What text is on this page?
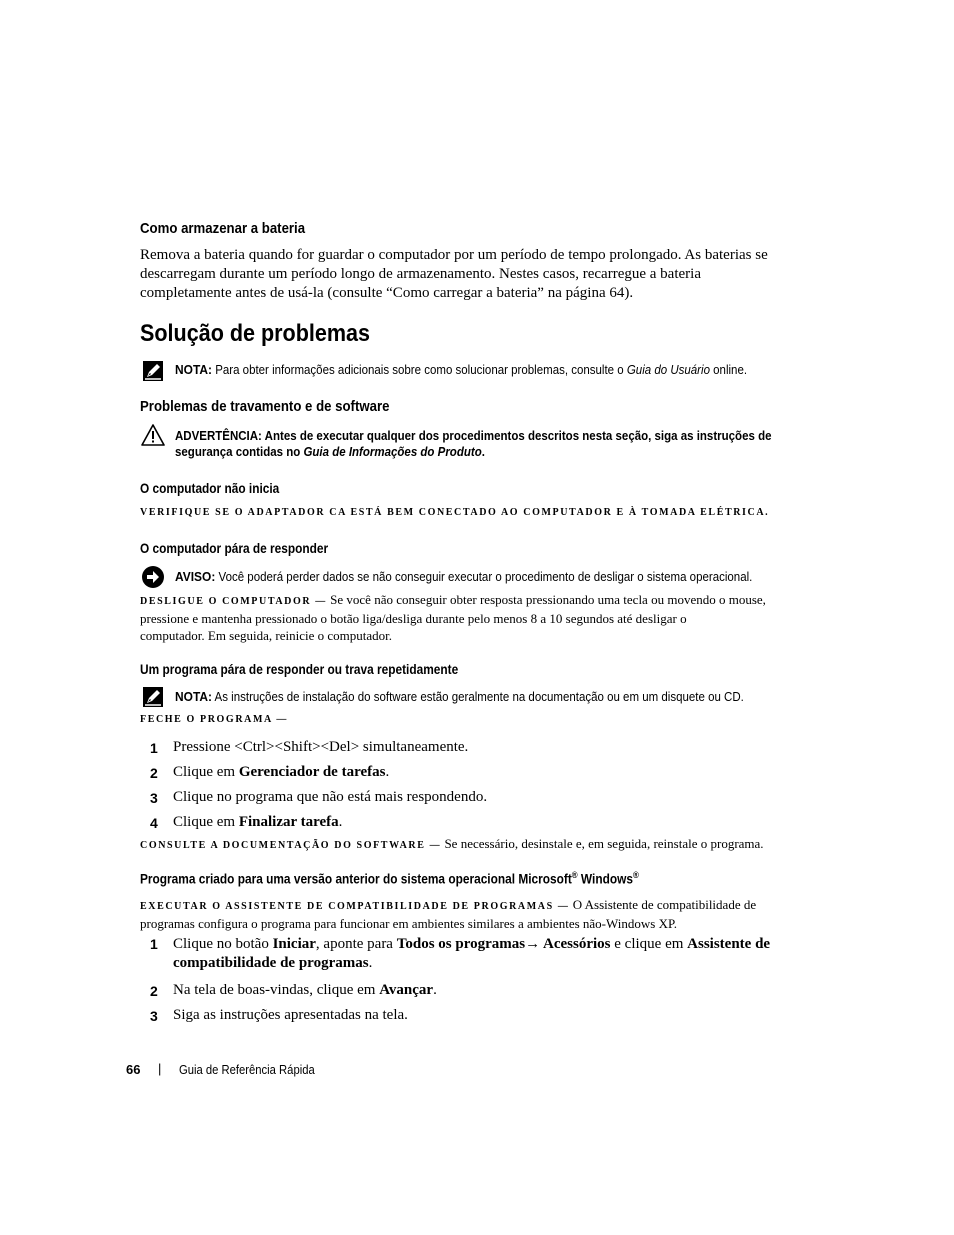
Como armazenar a bateria
Remova a bateria quando for guardar o computador por um período de tempo prolongado. As baterias se
descarregam durante um período longo de armazenamento. Nestes casos, recarregue a bateria
completamente antes de usá-la (consulte “Como carregar a bateria” na página 64).
Solução de problemas
NOTA: Para obter informações adicionais sobre como solucionar problemas, consulte o Guia do Usuário online.
Problemas de travamento e de software
ADVERTÊNCIA: Antes de executar qualquer dos procedimentos descritos nesta seção, siga as instruções de
segurança contidas no Guia de Informações do Produto.
O computador não inicia
VERIFIQUE SE O ADAPTADOR CA ESTÁ BEM CONECTADO AO COMPUTADOR E À TOMADA ELÉTRICA.
O computador pára de responder
AVISO: Você poderá perder dados se não conseguir executar o procedimento de desligar o sistema operacional.
DESLIGUE O COMPUTADOR — Se você não conseguir obter resposta pressionando uma tecla ou movendo o mouse,
pressione e mantenha pressionado o botão liga/desliga durante pelo menos 8 a 10 segundos até desligar o
computador. Em seguida, reinicie o computador.
Um programa pára de responder ou trava repetidamente
NOTA: As instruções de instalação do software estão geralmente na documentação ou em um disquete ou CD.
FECHE O PROGRAMA —
1	Pressione <Ctrl><Shift><Del> simultaneamente.
2	Clique em Gerenciador de tarefas.
3	Clique no programa que não está mais respondendo.
4	Clique em Finalizar tarefa.
CONSULTE A DOCUMENTAÇÃO DO SOFTWARE — Se necessário, desinstale e, em seguida, reinstale o programa.
Programa criado para uma versão anterior do sistema operacional Microsoft® Windows®
EXECUTAR O ASSISTENTE DE COMPATIBILIDADE DE PROGRAMAS — O Assistente de compatibilidade de
programas configura o programa para funcionar em ambientes similares a ambientes não-Windows XP.
1	Clique no botão Iniciar, aponte para Todos os programas→ Acessórios e clique em Assistente de
compatibilidade de programas.
2	Na tela de boas-vindas, clique em Avançar.
3	Siga as instruções apresentadas na tela.
66 | Guia de Referência Rápida
